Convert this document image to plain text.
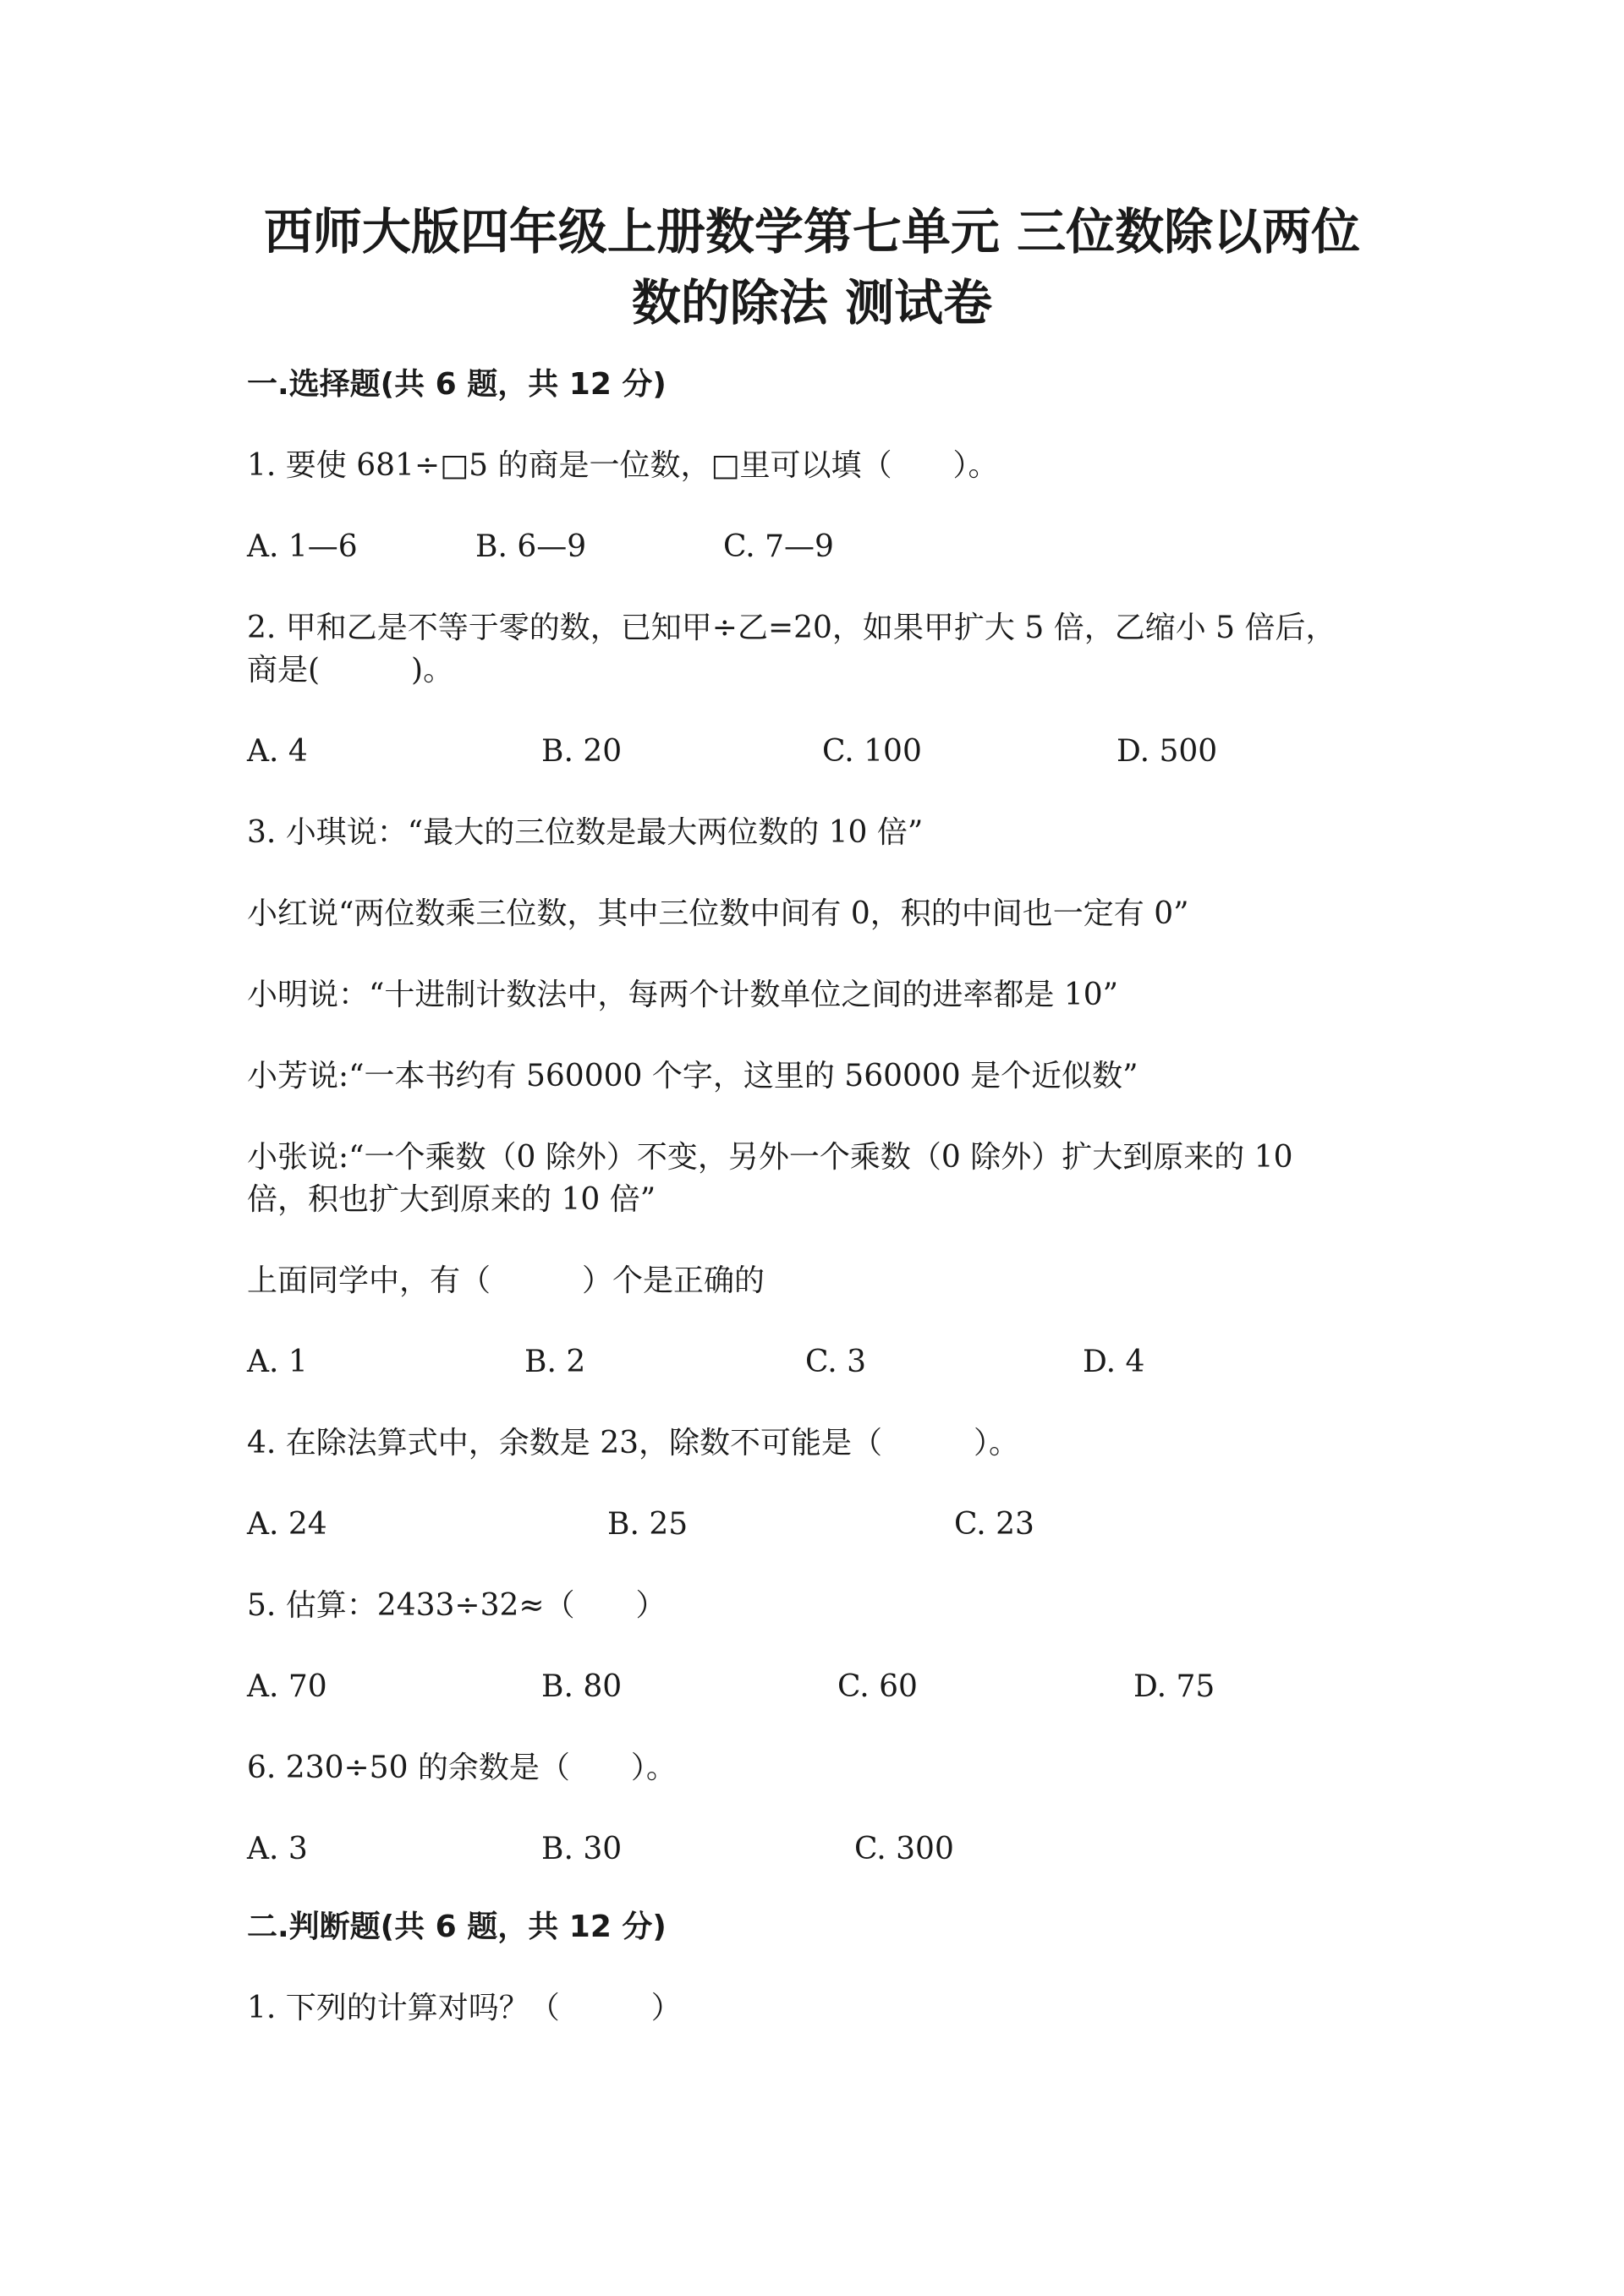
西师大版四年级上册数学第七单元 三位数除以两位
数的除法 测试卷
一.选择题(共 6 题，共 12 分)
1. 要使 681÷□5 的商是一位数，□里可以填（　　）。
A. 1—6	B. 6—9	C. 7—9
2. 甲和乙是不等于零的数，已知甲÷乙=20，如果甲扩大 5 倍，乙缩小 5 倍后，
商是(　　　)。
A. 4	B. 20	C. 100	D. 500
3. 小琪说：“最大的三位数是最大两位数的 10 倍”
小红说“两位数乘三位数，其中三位数中间有 0，积的中间也一定有 0”
小明说：“十进制计数法中，每两个计数单位之间的进率都是 10”
小芳说:“一本书约有 560000 个字，这里的 560000 是个近似数”
小张说:“一个乘数（0 除外）不变，另外一个乘数（0 除外）扩大到原来的 10
倍，积也扩大到原来的 10 倍”
上面同学中，有（　　　）个是正确的
A. 1	B. 2	C. 3	D. 4
4. 在除法算式中，余数是 23，除数不可能是（　　　）。
A. 24	B. 25	C. 23
5. 估算：2433÷32≈（　　）
A. 70	B. 80	C. 60	D. 75
6. 230÷50 的余数是（　　）。
A. 3	B. 30	C. 300
二.判断题(共 6 题，共 12 分)
1. 下列的计算对吗？（　　　）
